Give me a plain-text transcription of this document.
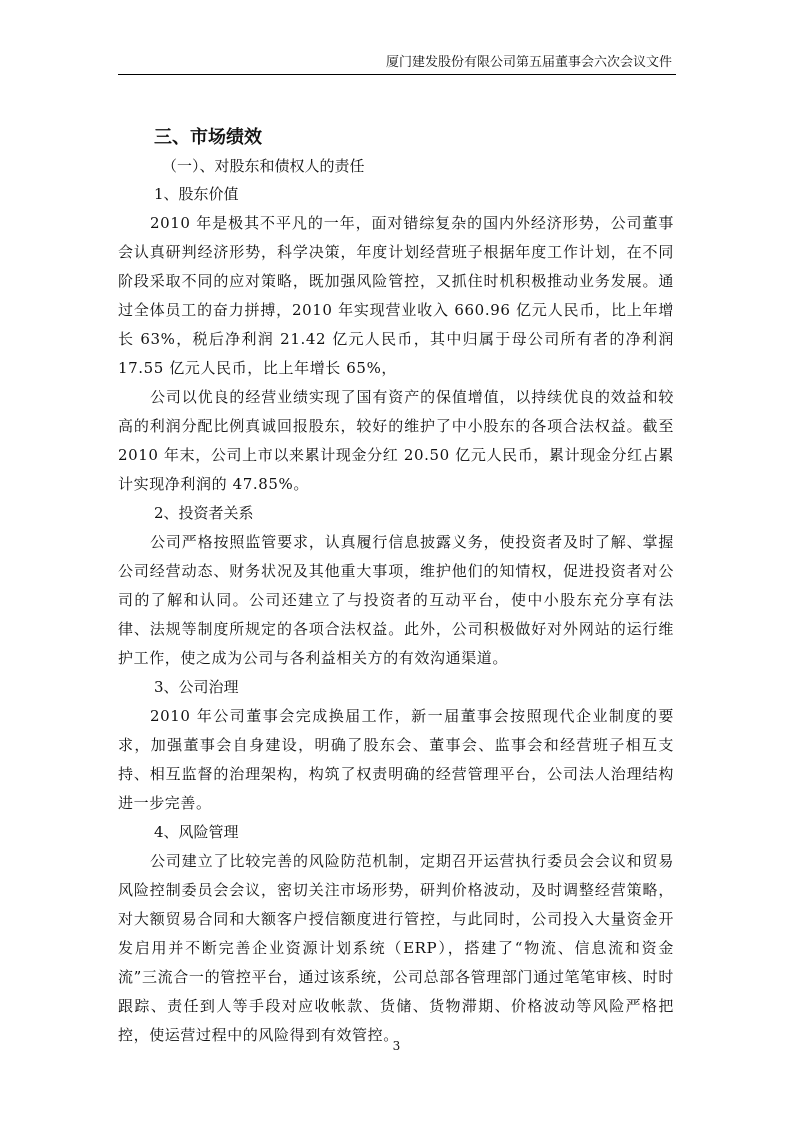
厦门建发股份有限公司第五届董事会六次会议文件
三、市场绩效
（一）、对股东和债权人的责任
1、股东价值

2010 年是极其不平凡的一年，面对错综复杂的国内外经济形势，公司董事会认真研判经济形势，科学决策，年度计划经营班子根据年度工作计划，在不同阶段采取不同的应对策略，既加强风险管控，又抓住时机积极推动业务发展。通过全体员工的奋力拼搏，2010 年实现营业收入 660.96 亿元人民币，比上年增长 63%，税后净利润 21.42 亿元人民币，其中归属于母公司所有者的净利润 17.55 亿元人民币，比上年增长 65%，

公司以优良的经营业绩实现了国有资产的保值增值，以持续优良的效益和较高的利润分配比例真诚回报股东，较好的维护了中小股东的各项合法权益。截至 2010 年末，公司上市以来累计现金分红 20.50 亿元人民币，累计现金分红占累计实现净利润的 47.85%。

2、投资者关系

公司严格按照监管要求，认真履行信息披露义务，使投资者及时了解、掌握公司经营动态、财务状况及其他重大事项，维护他们的知情权，促进投资者对公司的了解和认同。公司还建立了与投资者的互动平台，使中小股东充分享有法律、法规等制度所规定的各项合法权益。此外，公司积极做好对外网站的运行维护工作，使之成为公司与各利益相关方的有效沟通渠道。

3、公司治理

2010 年公司董事会完成换届工作，新一届董事会按照现代企业制度的要求，加强董事会自身建设，明确了股东会、董事会、监事会和经营班子相互支持、相互监督的治理架构，构筑了权责明确的经营管理平台，公司法人治理结构进一步完善。

4、风险管理

公司建立了比较完善的风险防范机制，定期召开运营执行委员会会议和贸易风险控制委员会会议，密切关注市场形势，研判价格波动，及时调整经营策略，对大额贸易合同和大额客户授信额度进行管控，与此同时，公司投入大量资金开发启用并不断完善企业资源计划系统（ERP），搭建了“物流、信息流和资金流”三流合一的管控平台，通过该系统，公司总部各管理部门通过笔笔审核、时时跟踪、责任到人等手段对应收帐款、货储、货物滞期、价格波动等风险严格把控，使运营过程中的风险得到有效管控。

3
